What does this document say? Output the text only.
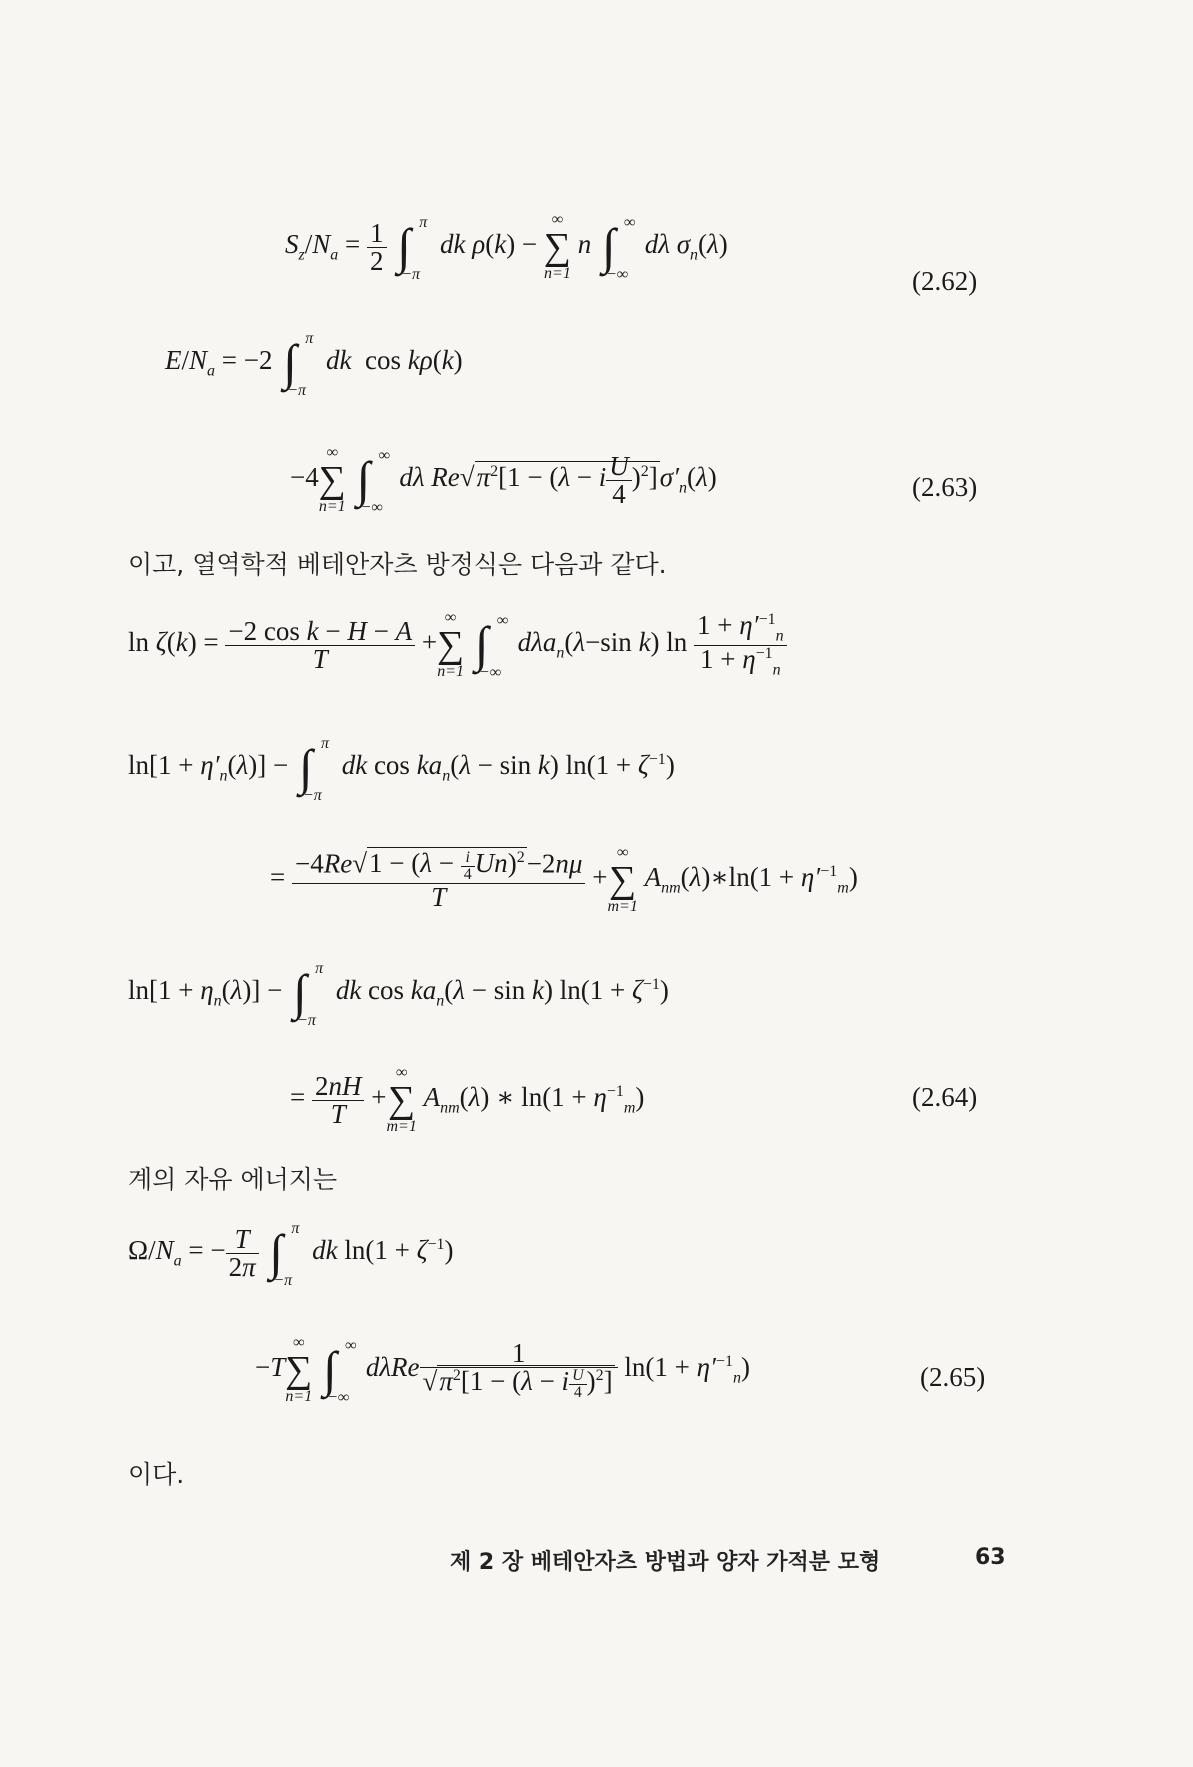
$S_z/N_a = \frac{1}{2}$
∫ π
−π
dk ρ(k) −
∞
∑
n=1
n ∫ ∞
−∞
dλ $\sigma_n(\lambda)$
(2.62)
$E/N_a = -2$ ∫ π
−π
dk  cos kρ(k)
−4
∞
∑
n=1
∫ ∞
−∞
dλ $Re√\pi^2[1 - (\lambda - i \frac{U}{4} )^2]\sigma'_n(\lambda)$	(2.63)
이고, 열역학적 베테안자츠 방정식은 다음과 같다.
$\ln \zeta(k) = \frac{\text{−2 cos k − H − A}}{T}$ +
∞
∑
n=1
∫ ∞
−∞
dλa$_n$(λ−sin k) $\ln \frac{1 + \eta'^{-1}_n}{1 + \eta^{-1}_n}$
$\ln[1 + \eta'_n(\lambda)]$ − ∫ π
−π
dk $\cos ka_n(\lambda - \sin k) \ln(1 + \zeta^{-1})$
= $\frac{-4Re√1 - (\lambda - \frac{i}{4} Un)^2-2n\mu}{T}$ +
∞
∑
m=1
$A_{nm}(\lambda)∗\ln(1 + \eta'^{-1}_m)$
$\ln[1 + \eta_n(\lambda)]$ − ∫ π
−π
dk $\cos ka_n(\lambda - \sin k) \ln(1 + \zeta^{-1})$
= $\frac{2nH}{T}$ +
∞
∑
m=1
$A_{nm}(\lambda)$ ∗ $\ln(1 + \eta^{-1}_m)$	(2.64)
계의 자유 에너지는
$\Omega/N_a$ = − $\frac{T}{2\pi}$
∫ π
−π
dk $\ln(1 + \zeta^{-1})$
−T
∞
∑
n=1
∫ ∞
−∞
dλRe $\frac{1}{√\pi^2[1 - (\lambda - i \frac{U}{4} )^2]} \ln(1 + \eta'^{-1}_n)$	(2.65)
이다.
제 2 장 베테안자츠 방법과 양자 가적분 모형	63
